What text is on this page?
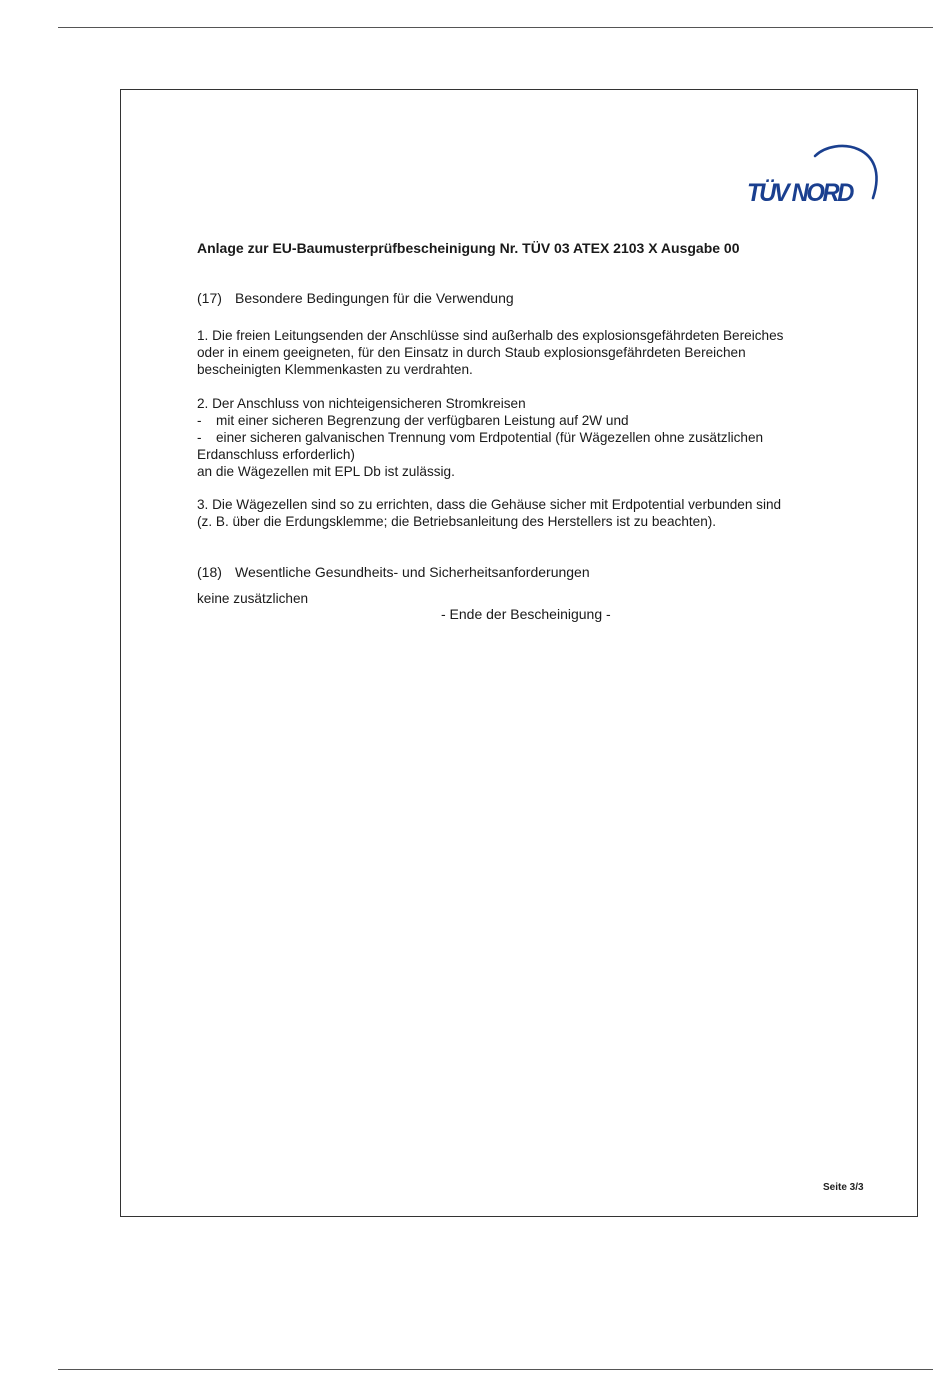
TÜV NORD
Anlage zur EU-Baumusterprüfbescheinigung Nr. TÜV 03 ATEX 2103 X Ausgabe 00
(17) Besondere Bedingungen für die Verwendung
1. Die freien Leitungsenden der Anschlüsse sind außerhalb des explosionsgefährdeten Bereiches
oder in einem geeigneten, für den Einsatz in durch Staub explosionsgefährdeten Bereichen
bescheinigten Klemmenkasten zu verdrahten.
2. Der Anschluss von nichteigensicheren Stromkreisen
- mit einer sicheren Begrenzung der verfügbaren Leistung auf 2W und
- einer sicheren galvanischen Trennung vom Erdpotential (für Wägezellen ohne zusätzlichen
Erdanschluss erforderlich)
an die Wägezellen mit EPL Db ist zulässig.
3. Die Wägezellen sind so zu errichten, dass die Gehäuse sicher mit Erdpotential verbunden sind
(z. B. über die Erdungsklemme; die Betriebsanleitung des Herstellers ist zu beachten).
(18) Wesentliche Gesundheits- und Sicherheitsanforderungen
keine zusätzlichen
- Ende der Bescheinigung -
Seite 3/3
